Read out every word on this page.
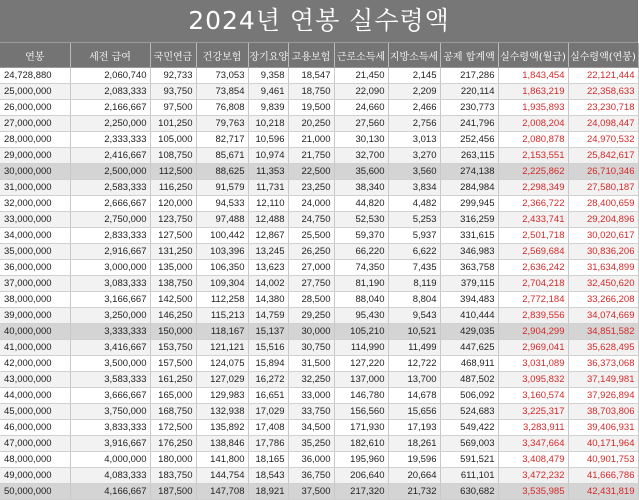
2024년 연봉 실수령액
연봉	세전 급여	국민연금	건강보험	장기요양	고용보험	근로소득세	지방소득세	공제 합계액	실수령액(월급)	실수령액(연봉)
24,728,880	2,060,740	92,733	73,053	9,358	18,547	21,450	2,145	217,286	1,843,454	22,121,444
25,000,000	2,083,333	93,750	73,854	9,461	18,750	22,090	2,209	220,114	1,863,219	22,358,633
26,000,000	2,166,667	97,500	76,808	9,839	19,500	24,660	2,466	230,773	1,935,893	23,230,718
27,000,000	2,250,000	101,250	79,763	10,218	20,250	27,560	2,756	241,796	2,008,204	24,098,447
28,000,000	2,333,333	105,000	82,717	10,596	21,000	30,130	3,013	252,456	2,080,878	24,970,532
29,000,000	2,416,667	108,750	85,671	10,974	21,750	32,700	3,270	263,115	2,153,551	25,842,617
30,000,000	2,500,000	112,500	88,625	11,353	22,500	35,600	3,560	274,138	2,225,862	26,710,346
31,000,000	2,583,333	116,250	91,579	11,731	23,250	38,340	3,834	284,984	2,298,349	27,580,187
32,000,000	2,666,667	120,000	94,533	12,110	24,000	44,820	4,482	299,945	2,366,722	28,400,659
33,000,000	2,750,000	123,750	97,488	12,488	24,750	52,530	5,253	316,259	2,433,741	29,204,896
34,000,000	2,833,333	127,500	100,442	12,867	25,500	59,370	5,937	331,615	2,501,718	30,020,617
35,000,000	2,916,667	131,250	103,396	13,245	26,250	66,220	6,622	346,983	2,569,684	30,836,206
36,000,000	3,000,000	135,000	106,350	13,623	27,000	74,350	7,435	363,758	2,636,242	31,634,899
37,000,000	3,083,333	138,750	109,304	14,002	27,750	81,190	8,119	379,115	2,704,218	32,450,620
38,000,000	3,166,667	142,500	112,258	14,380	28,500	88,040	8,804	394,483	2,772,184	33,266,208
39,000,000	3,250,000	146,250	115,213	14,759	29,250	95,430	9,543	410,444	2,839,556	34,074,669
40,000,000	3,333,333	150,000	118,167	15,137	30,000	105,210	10,521	429,035	2,904,299	34,851,582
41,000,000	3,416,667	153,750	121,121	15,516	30,750	114,990	11,499	447,625	2,969,041	35,628,495
42,000,000	3,500,000	157,500	124,075	15,894	31,500	127,220	12,722	468,911	3,031,089	36,373,068
43,000,000	3,583,333	161,250	127,029	16,272	32,250	137,000	13,700	487,502	3,095,832	37,149,981
44,000,000	3,666,667	165,000	129,983	16,651	33,000	146,780	14,678	506,092	3,160,574	37,926,894
45,000,000	3,750,000	168,750	132,938	17,029	33,750	156,560	15,656	524,683	3,225,317	38,703,806
46,000,000	3,833,333	172,500	135,892	17,408	34,500	171,930	17,193	549,422	3,283,911	39,406,931
47,000,000	3,916,667	176,250	138,846	17,786	35,250	182,610	18,261	569,003	3,347,664	40,171,964
48,000,000	4,000,000	180,000	141,800	18,165	36,000	195,960	19,596	591,521	3,408,479	40,901,753
49,000,000	4,083,333	183,750	144,754	18,543	36,750	206,640	20,664	611,101	3,472,232	41,666,786
50,000,000	4,166,667	187,500	147,708	18,921	37,500	217,320	21,732	630,682	3,535,985	42,431,819
